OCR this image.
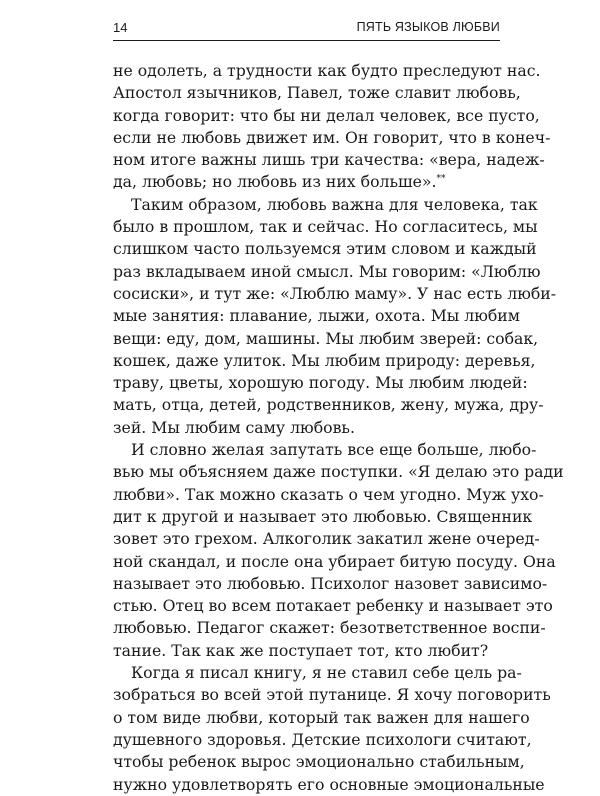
14	ПЯТЬ ЯЗЫКОВ ЛЮБВИ
не одолеть, а трудности как будто преследуют нас.
Апостол язычников, Павел, тоже славит любовь,
когда говорит: что бы ни делал человек, все пусто,
если не любовь движет им. Он говорит, что в конеч-
ном итоге важны лишь три качества: «вера, надеж-
да, любовь; но любовь из них больше».**
Таким образом, любовь важна для человека, так
было в прошлом, так и сейчас. Но согласитесь, мы
слишком часто пользуемся этим словом и каждый
раз вкладываем иной смысл. Мы говорим: «Люблю
сосиски», и тут же: «Люблю маму». У нас есть люби-
мые занятия: плавание, лыжи, охота. Мы любим
вещи: еду, дом, машины. Мы любим зверей: собак,
кошек, даже улиток. Мы любим природу: деревья,
траву, цветы, хорошую погоду. Мы любим людей:
мать, отца, детей, родственников, жену, мужа, дру-
зей. Мы любим саму любовь.
И словно желая запутать все еще больше, любо-
вью мы объясняем даже поступки. «Я делаю это ради
любви». Так можно сказать о чем угодно. Муж ухо-
дит к другой и называет это любовью. Священник
зовет это грехом. Алкоголик закатил жене очеред-
ной скандал, и после она убирает битую посуду. Она
называет это любовью. Психолог назовет зависимо-
стью. Отец во всем потакает ребенку и называет это
любовью. Педагог скажет: безответственное воспи-
тание. Так как же поступает тот, кто любит?
Когда я писал книгу, я не ставил себе цель ра-
зобраться во всей этой путанице. Я хочу поговорить
о том виде любви, который так важен для нашего
душевного здоровья. Детские психологи считают,
чтобы ребенок вырос эмоционально стабильным,
нужно удовлетворять его основные эмоциональные
